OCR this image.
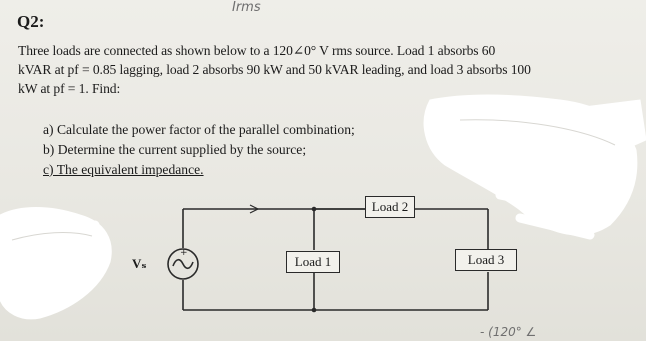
Irms
Q2:
Three loads are connected as shown below to a 120∠0° V rms source. Load 1 absorbs 60
kVAR at pf = 0.85 lagging, load 2 absorbs 90 kW and 50 kVAR leading, and load 3 absorbs 100
kW at pf = 1. Find:
a) Calculate the power factor of the parallel combination;
b) Determine the current supplied by the source;
c) The equivalent impedance.
+
Vₛ
Load 2
Load 1	Load 3
- (120° ∠
